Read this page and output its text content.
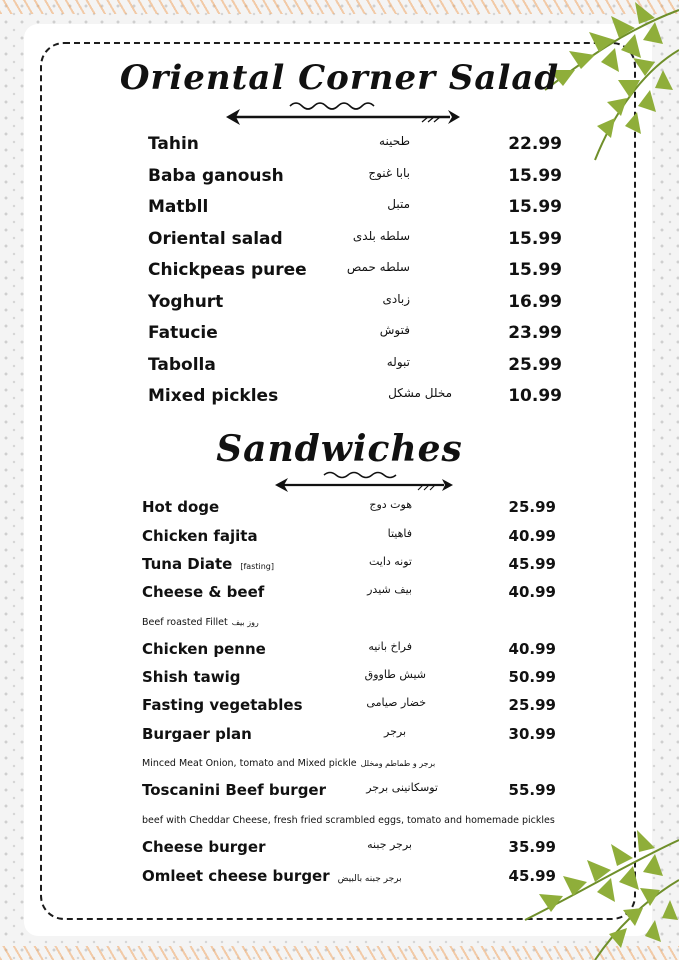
Oriental Corner Salad
Tahin	طحينه	22.99
Baba ganoush	بابا غنوج	15.99
Matbll	متبل	15.99
Oriental salad	سلطه بلدى	15.99
Chickpeas puree	سلطه حمص	15.99
Yoghurt	زبادى	16.99
Fatucie	فتوش	23.99
Tabolla	تبوله	25.99
Mixed pickles	مخلل مشكل	10.99
Sandwiches
Hot doge	هوت دوج	25.99
Chicken fajita	فاهيتا	40.99
Tuna Diate [fasting]	تونه دايت	45.99
Cheese & beef	بيف شيدر	40.99
Beef roasted Fillet روز بيف
Chicken penne	فراخ بانيه	40.99
Shish tawig	شيش طاووق	50.99
Fasting vegetables	خضار صيامى	25.99
Burgaer plan	برجر	30.99
Minced Meat Onion, tomato and Mixed pickle برجر و طماطم ومخلل
Toscanini Beef burger	توسكانينى برجر	55.99
beef with Cheddar Cheese, fresh fried scrambled eggs, tomato and homemade pickles
Cheese burger	برجر جبنه	35.99
Omleet cheese burger برجر جبنه بالبيض	45.99
